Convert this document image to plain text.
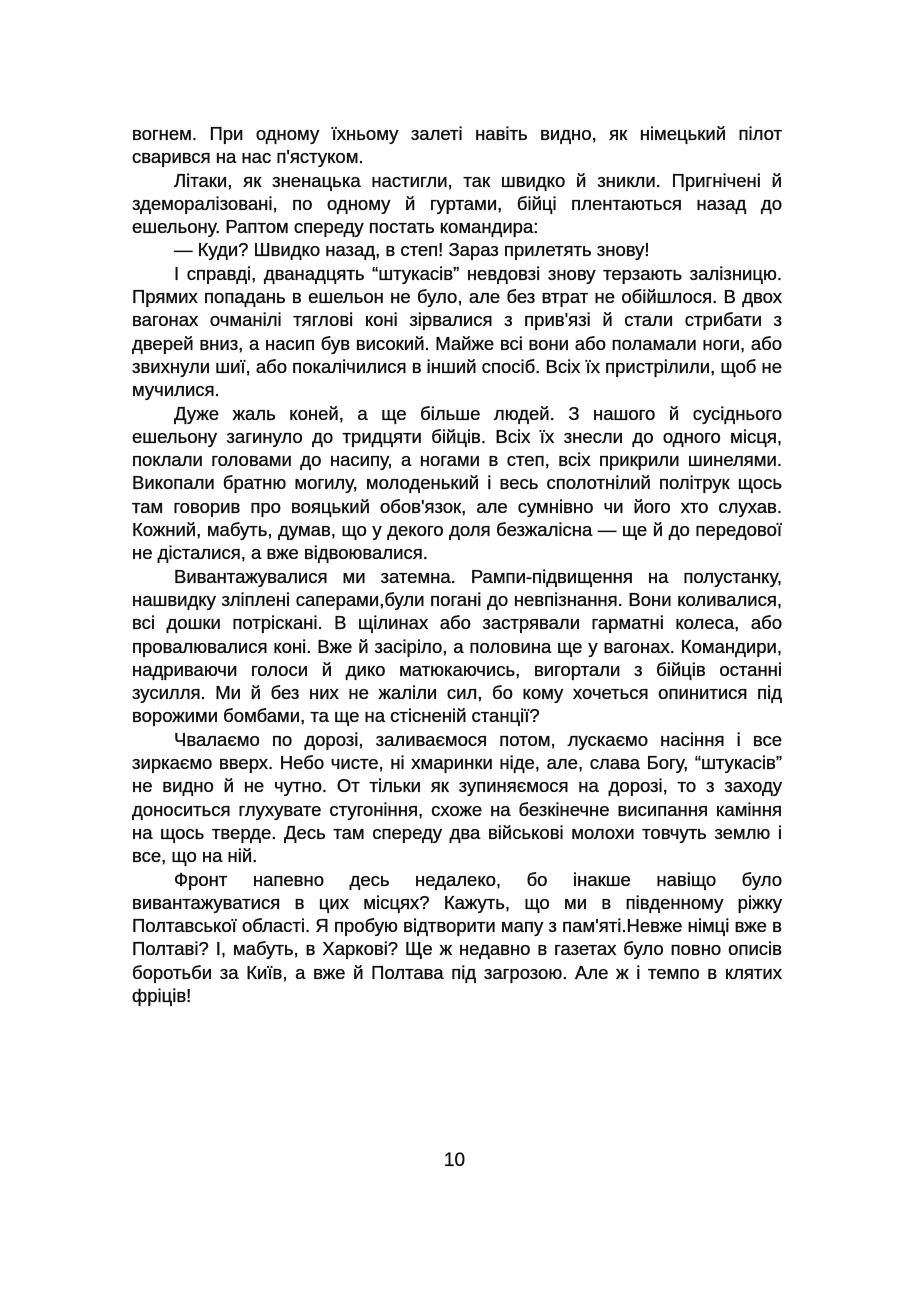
вогнем. При одному їхньому залеті навіть видно, як німецький пілот сварився на нас п'ястуком.

Літаки, як зненацька настигли, так швидко й зникли. Пригнічені й здеморалізовані, по одному й гуртами, бійці плентаються назад до ешельону. Раптом спереду постать командира:

— Куди? Швидко назад, в степ! Зараз прилетять знову!

І справді, дванадцять “штукасів” невдовзі знову терзають залізницю. Прямих попадань в ешельон не було, але без втрат не обійшлося. В двох вагонах очманілі тяглові коні зірвалися з прив'язі й стали стрибати з дверей вниз, а насип був високий. Майже всі вони або поламали ноги, або звихнули шиї, або покалічилися в інший спосіб. Всіх їх пристрілили, щоб не мучилися.

Дуже жаль коней, а ще більше людей. З нашого й сусіднього ешельону загинуло до тридцяти бійців. Всіх їх знесли до одного місця, поклали головами до насипу, а ногами в степ, всіх прикрили шинелями. Викопали братню могилу, молоденький і весь сполотнілий політрук щось там говорив про вояцький обов'язок, але сумнівно чи його хто слухав. Кожний, мабуть, думав, що у декого доля безжалісна — ще й до передової не дісталися, а вже відвоювалися.

Вивантажувалися ми затемна. Рампи-підвищення на полустанку, нашвидку зліплені саперами,були погані до невпізнання. Вони коливалися, всі дошки потріскані. В щілинах або застрявали гарматні колеса, або провалювалися коні. Вже й засіріло, а половина ще у вагонах. Командири, надриваючи голоси й дико матюкаючись, вигортали з бійців останні зусилля. Ми й без них не жаліли сил, бо кому хочеться опинитися під ворожими бомбами, та ще на стісненій станції?

Чвалаємо по дорозі, заливаємося потом, лускаємо насіння і все зиркаємо вверх. Небо чисте, ні хмаринки ніде, але, слава Богу, “штукасів” не видно й не чутно. От тільки як зупиняємося на дорозі, то з заходу доноситься глухувате стугоніння, схоже на безкінечне висипання каміння на щось тверде. Десь там спереду два військові молохи товчуть землю і все, що на ній.

Фронт напевно десь недалеко, бо інакше навіщо було вивантажуватися в цих місцях? Кажуть, що ми в південному ріжку Полтавської області. Я пробую відтворити мапу з пам'яті.Невже німці вже в Полтаві? І, мабуть, в Харкові? Ще ж недавно в газетах було повно описів боротьби за Київ, а вже й Полтава під загрозою. Але ж і темпо в клятих фріців!

10
